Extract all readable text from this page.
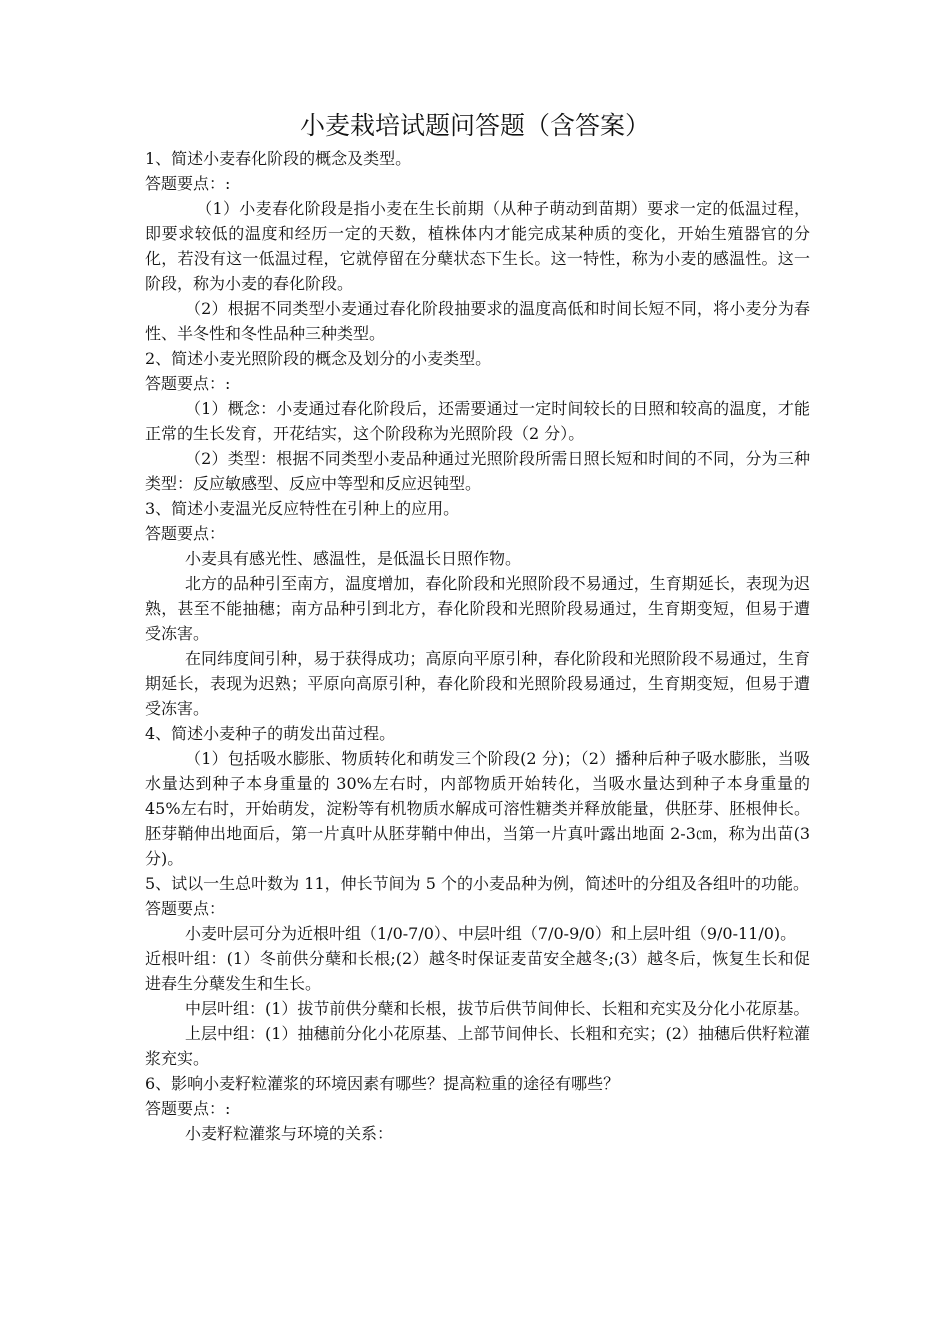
小麦栽培试题问答题（含答案）

1、简述小麦春化阶段的概念及类型。

答题要点：:

（1）小麦春化阶段是指小麦在生长前期（从种子萌动到苗期）要求一定的低温过程，即要求较低的温度和经历一定的天数，植株体内才能完成某种质的变化，开始生殖器官的分化，若没有这一低温过程，它就停留在分蘖状态下生长。这一特性，称为小麦的感温性。这一阶段，称为小麦的春化阶段。

（2）根据不同类型小麦通过春化阶段抽要求的温度高低和时间长短不同，将小麦分为春性、半冬性和冬性品种三种类型。

2、简述小麦光照阶段的概念及划分的小麦类型。

答题要点：:

（1）概念：小麦通过春化阶段后，还需要通过一定时间较长的日照和较高的温度，才能正常的生长发育，开花结实，这个阶段称为光照阶段（2 分）。

（2）类型：根据不同类型小麦品种通过光照阶段所需日照长短和时间的不同，分为三种类型：反应敏感型、反应中等型和反应迟钝型。

3、简述小麦温光反应特性在引种上的应用。

答题要点：

小麦具有感光性、感温性，是低温长日照作物。

北方的品种引至南方，温度增加，春化阶段和光照阶段不易通过，生育期延长，表现为迟熟，甚至不能抽穗；南方品种引到北方，春化阶段和光照阶段易通过，生育期变短，但易于遭受冻害。

在同纬度间引种，易于获得成功；高原向平原引种，春化阶段和光照阶段不易通过，生育期延长，表现为迟熟；平原向高原引种，春化阶段和光照阶段易通过，生育期变短，但易于遭受冻害。

4、简述小麦种子的萌发出苗过程。

（1）包括吸水膨胀、物质转化和萌发三个阶段(2 分)；（2）播种后种子吸水膨胀，当吸水量达到种子本身重量的 30%左右时，内部物质开始转化，当吸水量达到种子本身重量的 45%左右时，开始萌发，淀粉等有机物质水解成可溶性糖类并释放能量，供胚芽、胚根伸长。胚芽鞘伸出地面后，第一片真叶从胚芽鞘中伸出，当第一片真叶露出地面 2-3㎝，称为出苗(3 分)。

5、试以一生总叶数为 11，伸长节间为 5 个的小麦品种为例，简述叶的分组及各组叶的功能。

答题要点：

小麦叶层可分为近根叶组（1/0-7/0）、中层叶组（7/0-9/0）和上层叶组（9/0-11/0)。

近根叶组：(1）冬前供分蘖和长根;(2）越冬时保证麦苗安全越冬;(3）越冬后，恢复生长和促进春生分蘖发生和生长。

中层叶组：(1）拔节前供分蘖和长根，拔节后供节间伸长、长粗和充实及分化小花原基。

上层中组：(1）抽穗前分化小花原基、上部节间伸长、长粗和充实；(2）抽穗后供籽粒灌浆充实。

6、影响小麦籽粒灌浆的环境因素有哪些？提高粒重的途径有哪些？

答题要点：:

小麦籽粒灌浆与环境的关系：
